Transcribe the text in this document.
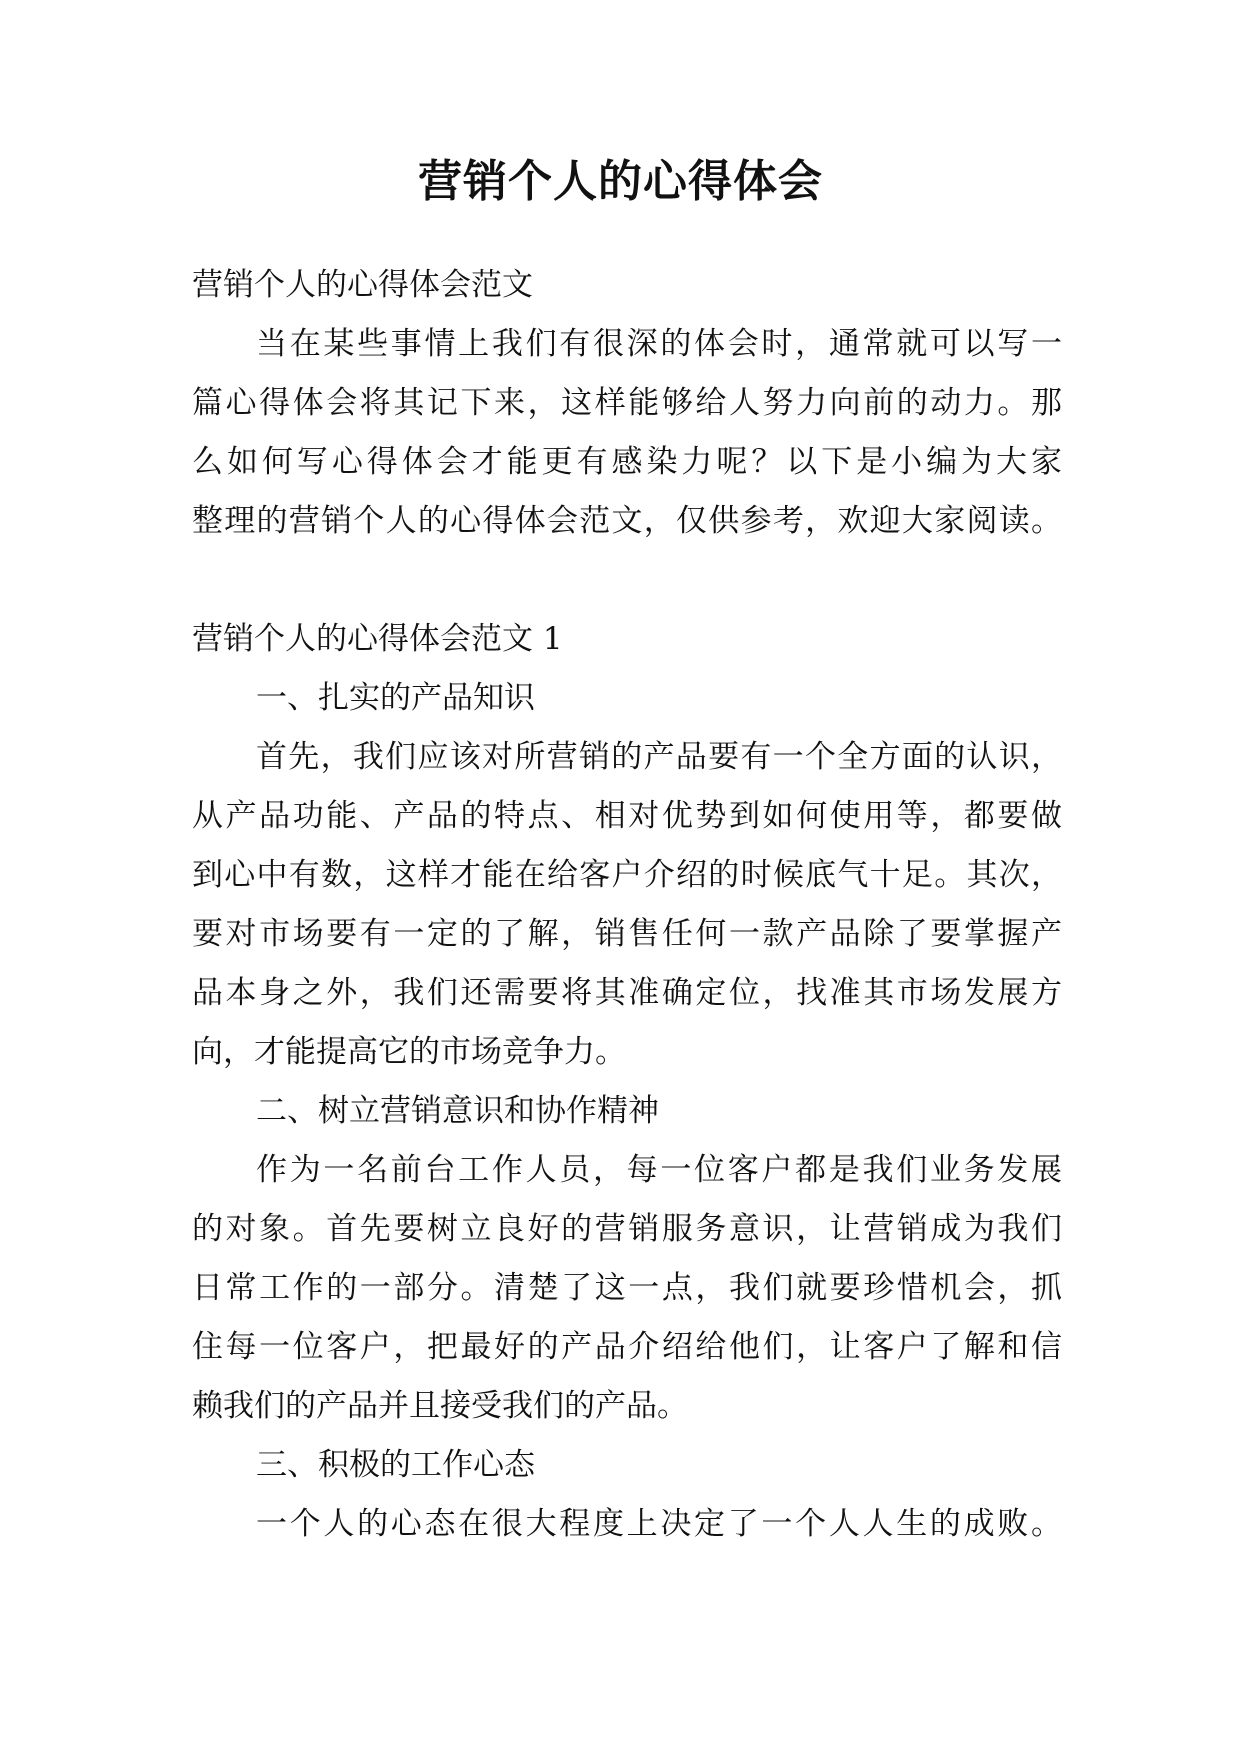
营销个人的心得体会
营销个人的心得体会范文
当在某些事情上我们有很深的体会时，通常就可以写一
篇心得体会将其记下来，这样能够给人努力向前的动力。那
么如何写心得体会才能更有感染力呢？以下是小编为大家
整理的营销个人的心得体会范文，仅供参考，欢迎大家阅读。
营销个人的心得体会范文 1
一、扎实的产品知识
首先，我们应该对所营销的产品要有一个全方面的认识，
从产品功能、产品的特点、相对优势到如何使用等，都要做
到心中有数，这样才能在给客户介绍的时候底气十足。其次，
要对市场要有一定的了解，销售任何一款产品除了要掌握产
品本身之外，我们还需要将其准确定位，找准其市场发展方
向，才能提高它的市场竞争力。
二、树立营销意识和协作精神
作为一名前台工作人员，每一位客户都是我们业务发展
的对象。首先要树立良好的营销服务意识，让营销成为我们
日常工作的一部分。清楚了这一点，我们就要珍惜机会，抓
住每一位客户，把最好的产品介绍给他们，让客户了解和信
赖我们的产品并且接受我们的产品。
三、积极的工作心态
一个人的心态在很大程度上决定了一个人人生的成败。
